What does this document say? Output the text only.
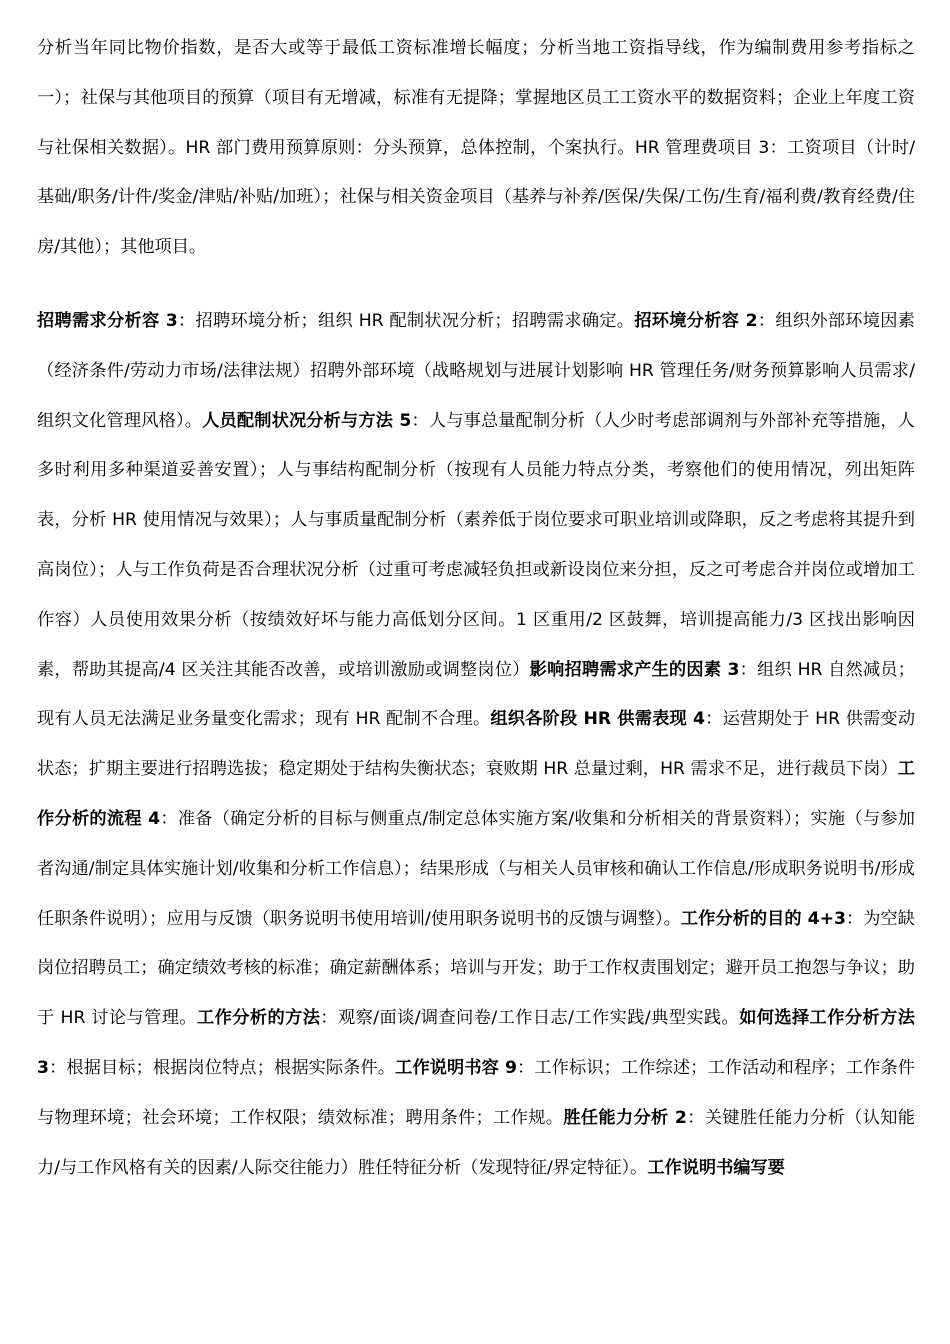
分析当年同比物价指数，是否大或等于最低工资标准增长幅度；分析当地工资指导线，作为编制费用参考指标之一）；社保与其他项目的预算（项目有无增减，标准有无提降；掌握地区员工工资水平的数据资料；企业上年度工资与社保相关数据）。HR 部门费用预算原则：分头预算，总体控制，个案执行。HR 管理费项目 3：工资项目（计时/基础/职务/计件/奖金/津贴/补贴/加班）；社保与相关资金项目（基养与补养/医保/失保/工伤/生育/福利费/教育经费/住房/其他）；其他项目。

招聘需求分析容 3：招聘环境分析；组织 HR 配制状况分析；招聘需求确定。招环境分析容 2：组织外部环境因素（经济条件/劳动力市场/法律法规）招聘外部环境（战略规划与进展计划影响 HR 管理任务/财务预算影响人员需求/组织文化管理风格）。人员配制状况分析与方法 5：人与事总量配制分析（人少时考虑部调剂与外部补充等措施，人多时利用多种渠道妥善安置）；人与事结构配制分析（按现有人员能力特点分类，考察他们的使用情况，列出矩阵表，分析 HR 使用情况与效果）；人与事质量配制分析（素养低于岗位要求可职业培训或降职，反之考虑将其提升到高岗位）；人与工作负荷是否合理状况分析（过重可考虑减轻负担或新设岗位来分担，反之可考虑合并岗位或增加工作容）人员使用效果分析（按绩效好坏与能力高低划分区间。1 区重用/2 区鼓舞，培训提高能力/3 区找出影响因素，帮助其提高/4 区关注其能否改善，或培训激励或调整岗位）影响招聘需求产生的因素 3：组织 HR 自然减员；现有人员无法满足业务量变化需求；现有 HR 配制不合理。组织各阶段 HR 供需表现 4：运营期处于 HR 供需变动状态；扩期主要进行招聘选拔；稳定期处于结构失衡状态；衰败期 HR 总量过剩，HR 需求不足，进行裁员下岗）工作分析的流程 4：准备（确定分析的目标与侧重点/制定总体实施方案/收集和分析相关的背景资料）；实施（与参加者沟通/制定具体实施计划/收集和分析工作信息）；结果形成（与相关人员审核和确认工作信息/形成职务说明书/形成任职条件说明）；应用与反馈（职务说明书使用培训/使用职务说明书的反馈与调整）。工作分析的目的 4+3：为空缺岗位招聘员工；确定绩效考核的标准；确定薪酬体系；培训与开发；助于工作权责围划定；避开员工抱怨与争议；助于 HR 讨论与管理。工作分析的方法：观察/面谈/调查问卷/工作日志/工作实践/典型实践。如何选择工作分析方法 3：根据目标；根据岗位特点；根据实际条件。工作说明书容 9：工作标识；工作综述；工作活动和程序；工作条件与物理环境；社会环境；工作权限；绩效标准；聘用条件；工作规。胜任能力分析 2：关键胜任能力分析（认知能力/与工作风格有关的因素/人际交往能力）胜任特征分析（发现特征/界定特征）。工作说明书编写要
